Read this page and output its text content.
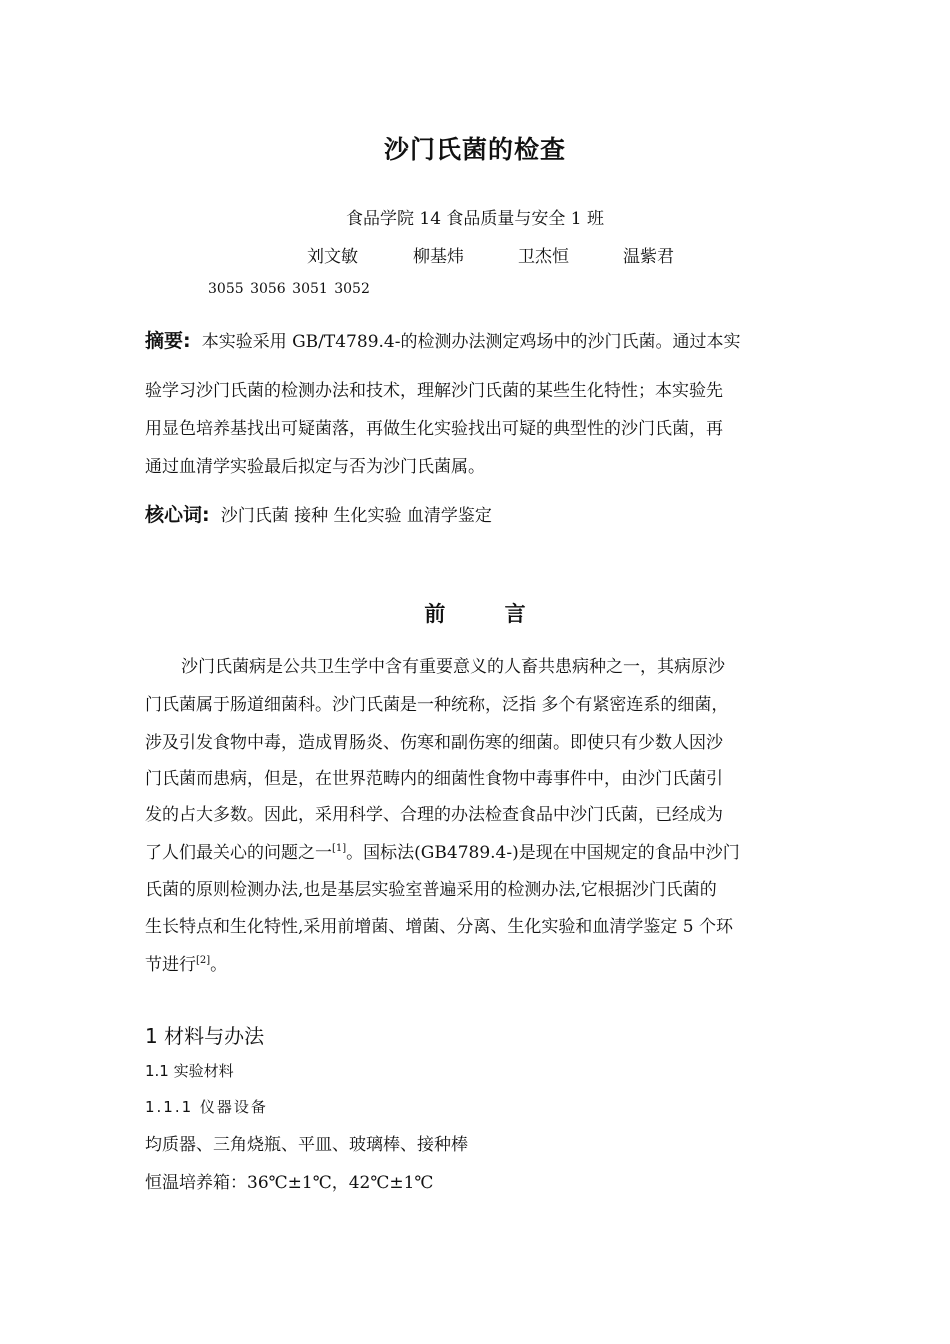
沙门氏菌的检查
食品学院 14 食品质量与安全 1 班
刘文敏	柳基炜	卫杰恒	温紫君
3055 3056 3051 3052
摘要: 本实验采用 GB/T4789.4-的检测办法测定鸡场中的沙门氏菌。通过本实
验学习沙门氏菌的检测办法和技术，理解沙门氏菌的某些生化特性；本实验先
用显色培养基找出可疑菌落，再做生化实验找出可疑的典型性的沙门氏菌，再
通过血清学实验最后拟定与否为沙门氏菌属。
核心词: 沙门氏菌 接种 生化实验 血清学鉴定
前	言
沙门氏菌病是公共卫生学中含有重要意义的人畜共患病种之一，其病原沙
门氏菌属于肠道细菌科。沙门氏菌是一种统称，泛指 多个有紧密连系的细菌，
涉及引发食物中毒，造成胃肠炎、伤寒和副伤寒的细菌。即使只有少数人因沙
门氏菌而患病，但是，在世界范畴内的细菌性食物中毒事件中，由沙门氏菌引
发的占大多数。因此，采用科学、合理的办法检查食品中沙门氏菌，已经成为
了人们最关心的问题之一[1]。国标法(GB4789.4-)是现在中国规定的食品中沙门
氏菌的原则检测办法,也是基层实验室普遍采用的检测办法,它根据沙门氏菌的
生长特点和生化特性,采用前增菌、增菌、分离、生化实验和血清学鉴定 5 个环
节进行[2]。
1 材料与办法
1.1 实验材料
1.1.1 仪器设备
均质器、三角烧瓶、平皿、玻璃棒、接种棒
恒温培养箱：36℃±1℃，42℃±1℃
